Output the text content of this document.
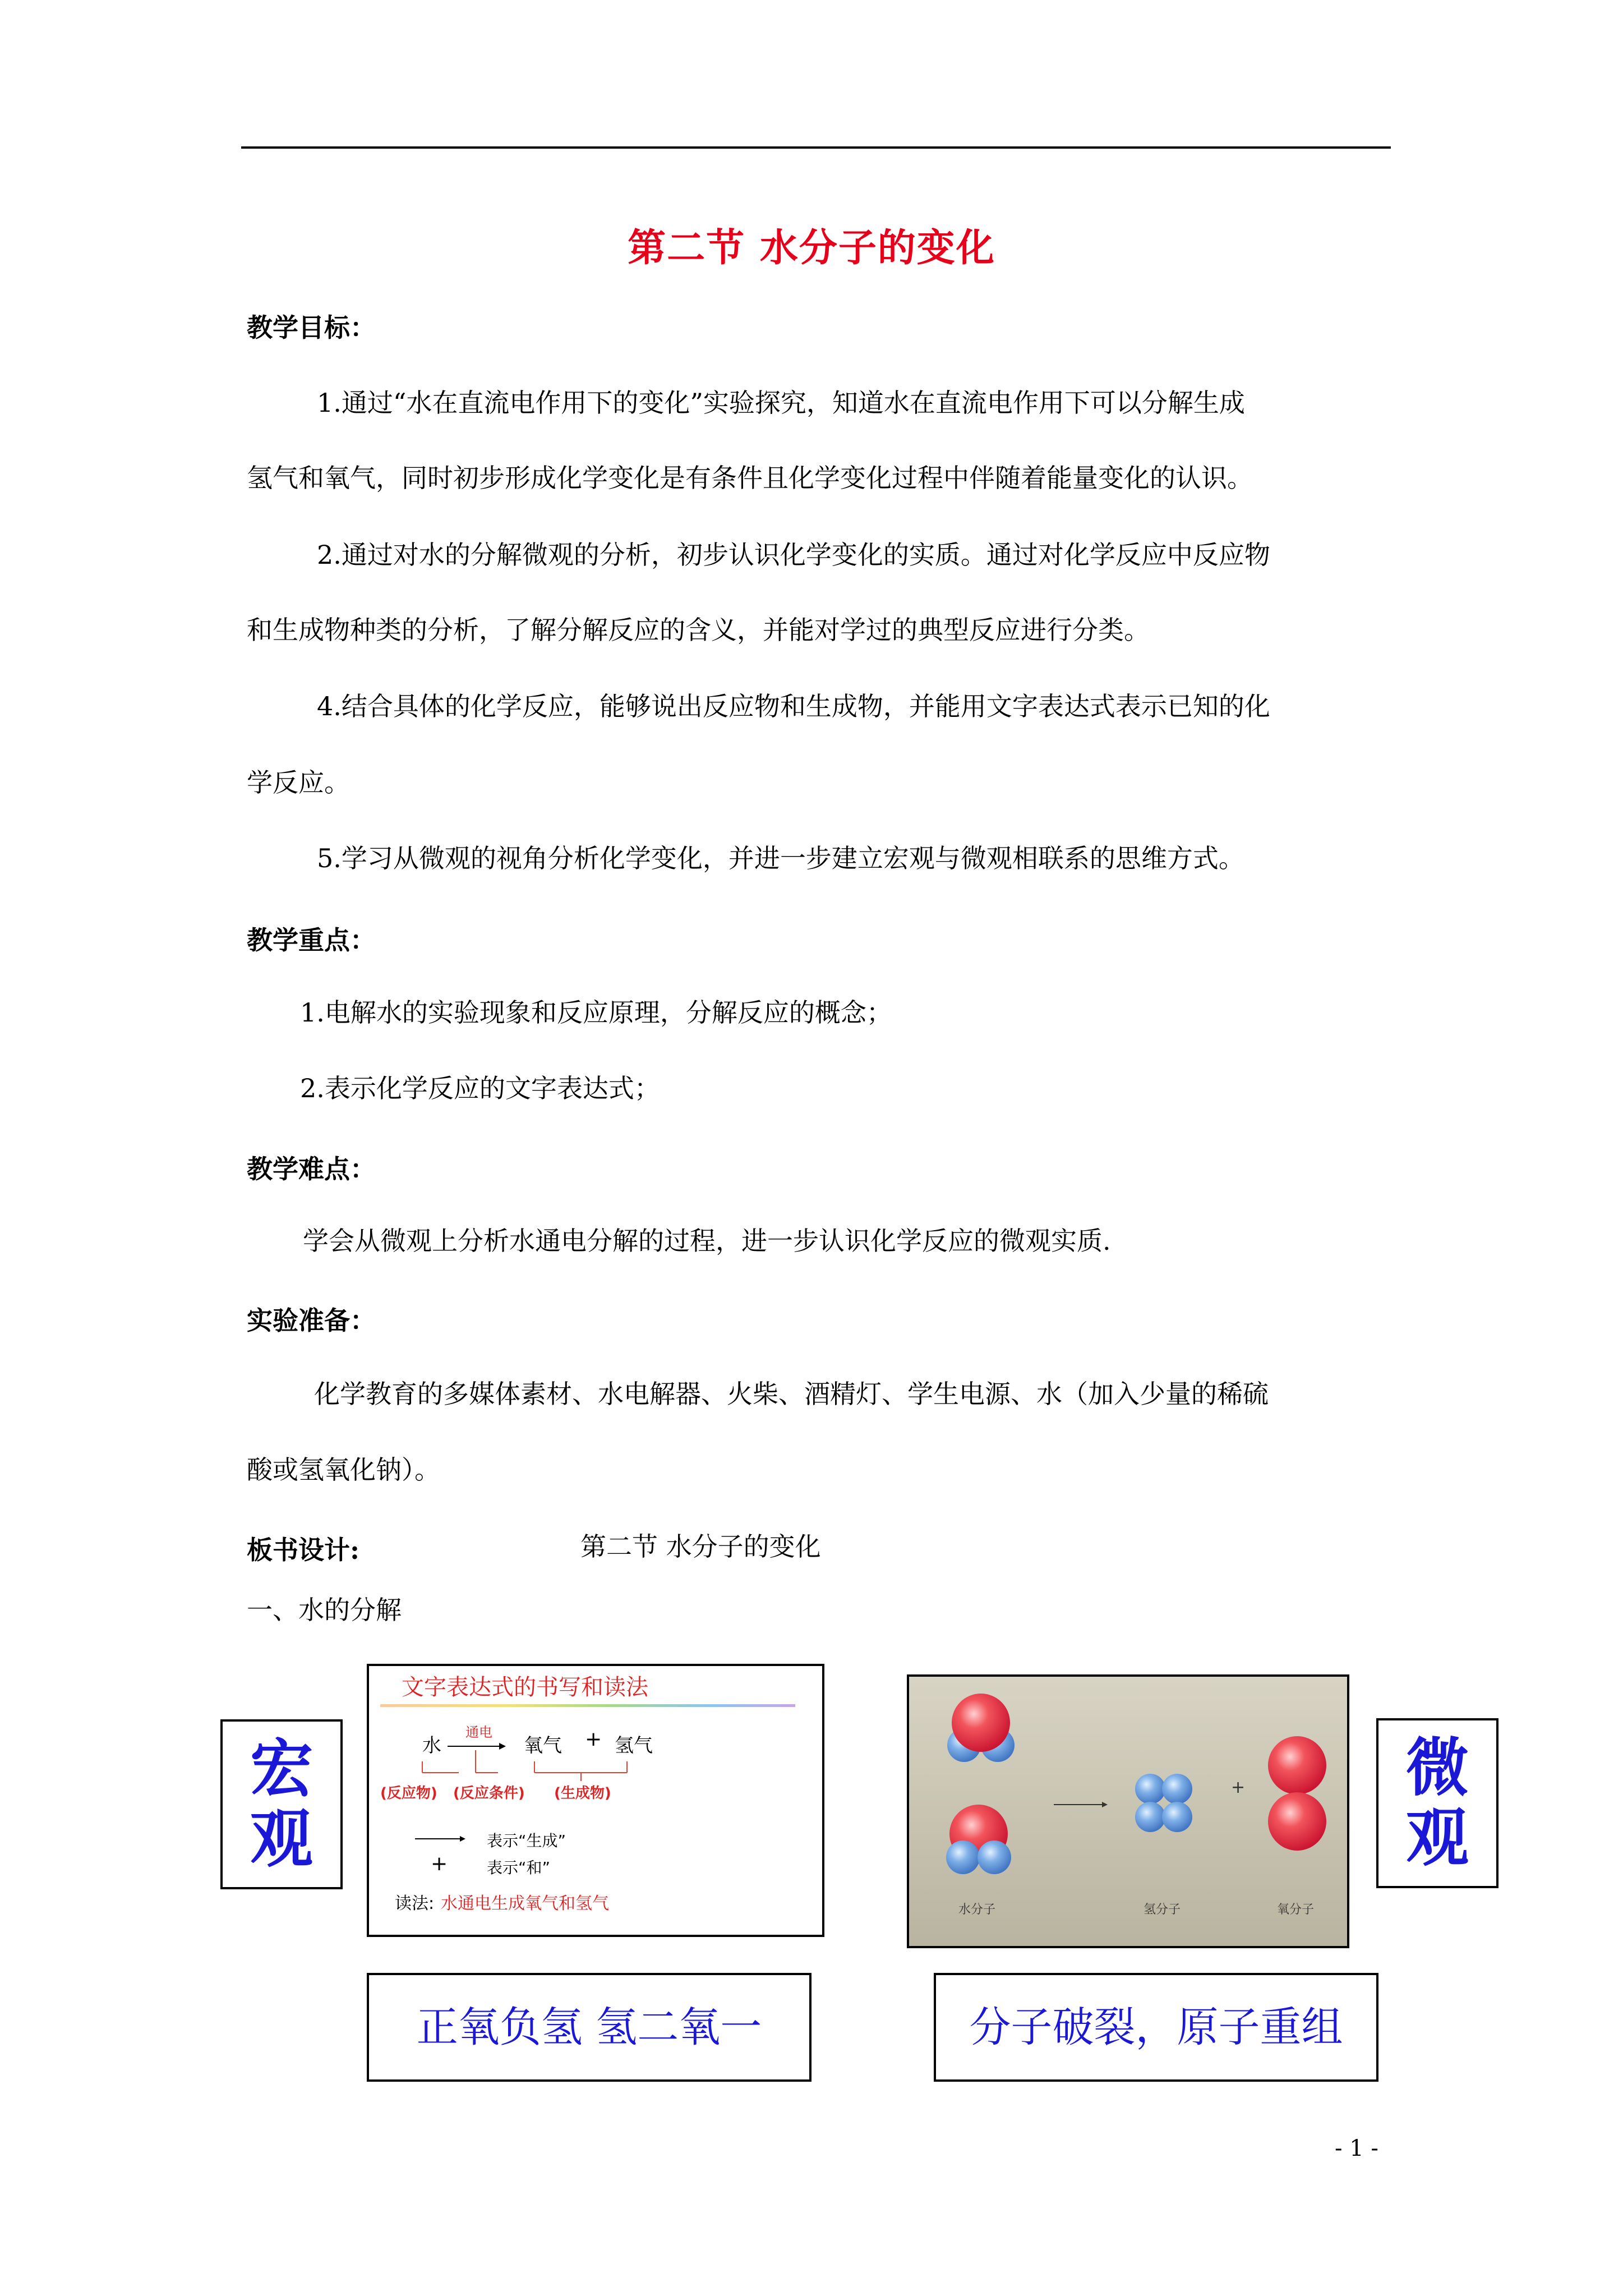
第二节 水分子的变化
教学目标：
1.通过“水在直流电作用下的变化”实验探究，知道水在直流电作用下可以分解生成
氢气和氧气，同时初步形成化学变化是有条件且化学变化过程中伴随着能量变化的认识。
2.通过对水的分解微观的分析，初步认识化学变化的实质。通过对化学反应中反应物
和生成物种类的分析，了解分解反应的含义，并能对学过的典型反应进行分类。
4.结合具体的化学反应，能够说出反应物和生成物，并能用文字表达式表示已知的化
学反应。
5.学习从微观的视角分析化学变化，并进一步建立宏观与微观相联系的思维方式。
教学重点：
1.电解水的实验现象和反应原理，分解反应的概念；
2.表示化学反应的文字表达式；
教学难点：
学会从微观上分析水通电分解的过程，进一步认识化学反应的微观实质.
实验准备：
化学教育的多媒体素材、水电解器、火柴、酒精灯、学生电源、水（加入少量的稀硫
酸或氢氧化钠）。
板书设计:	第二节 水分子的变化
一、水的分解
宏观
文字表达式的书写和读法
水
通电
氧气 + 氢气
(反应物) (反应条件) (生成物)
表示“生成”
+ 表示“和”
读法: 水通电生成氧气和氢气
+
水分子	氢分子	氧分子
微观
正氧负氢 氢二氧一	分子破裂，原子重组
- 1 -
